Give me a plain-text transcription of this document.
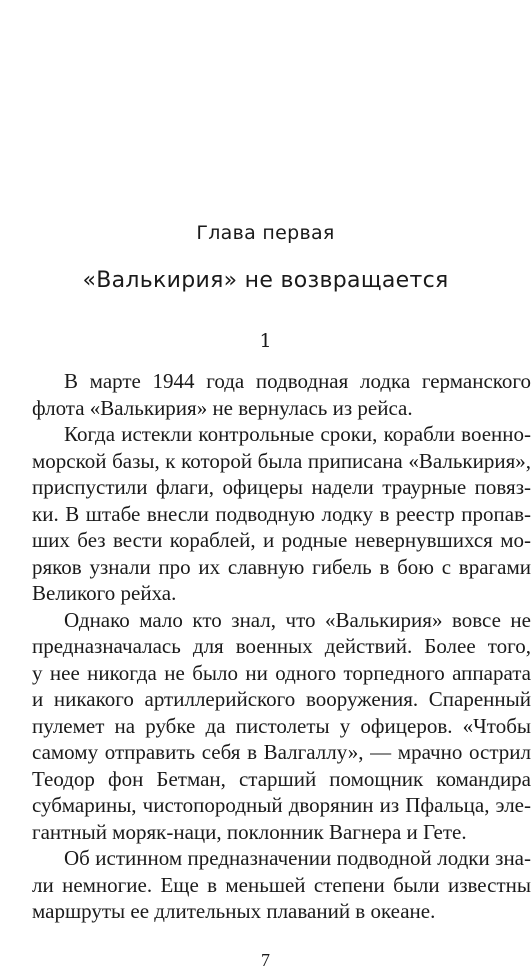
Глава первая
«Валькирия» не возвращается
1
В марте 1944 года подводная лодка германского
флота «Валькирия» не вернулась из рейса.
Когда истекли контрольные сроки, корабли военно-
морской базы, к которой была приписана «Валькирия»,
приспустили флаги, офицеры надели траурные повяз-
ки. В штабе внесли подводную лодку в реестр пропав-
ших без вести кораблей, и родные невернувшихся мо-
ряков узнали про их славную гибель в бою с врагами
Великого рейха.
Однако мало кто знал, что «Валькирия» вовсе не
предназначалась для военных действий. Более того,
у нее никогда не было ни одного торпедного аппарата
и никакого артиллерийского вооружения. Спаренный
пулемет на рубке да пистолеты у офицеров. «Чтобы
самому отправить себя в Валгаллу», — мрачно острил
Теодор фон Бетман, старший помощник командира
субмарины, чистопородный дворянин из Пфальца, эле-
гантный моряк-наци, поклонник Вагнера и Гете.
Об истинном предназначении подводной лодки зна-
ли немногие. Еще в меньшей степени были известны
маршруты ее длительных плаваний в океане.
7
